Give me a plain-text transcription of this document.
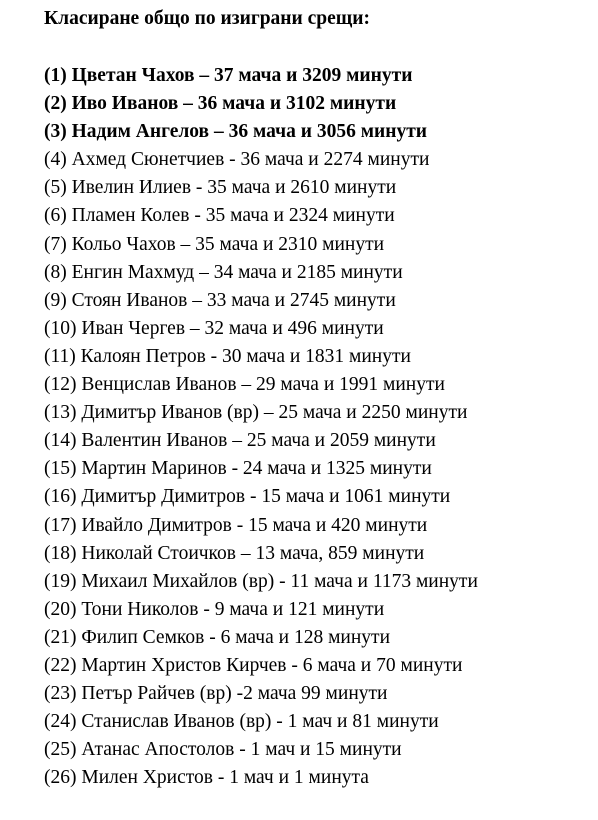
Класиране общо по изиграни срещи:
(1) Цветан Чахов – 37 мача и 3209 минути
(2) Иво Иванов – 36 мача и 3102 минути
(3) Надим Ангелов – 36 мача и 3056 минути
(4) Ахмед Сюнетчиев - 36 мача и 2274 минути
(5) Ивелин Илиев - 35 мача и 2610 минути
(6) Пламен Колев - 35 мача и 2324 минути
(7) Кольо Чахов – 35 мача и 2310 минути
(8) Енгин Махмуд – 34 мача и 2185 минути
(9) Стоян Иванов – 33 мача и 2745 минути
(10) Иван Чергев – 32 мача и 496 минути
(11) Калоян Петров - 30 мача и 1831 минути
(12) Венцислав Иванов – 29 мача и 1991 минути
(13) Димитър Иванов (вр) – 25 мача и 2250 минути
(14) Валентин Иванов – 25 мача и 2059 минути
(15) Мартин Маринов - 24 мача и 1325 минути
(16) Димитър Димитров - 15 мача и 1061 минути
(17) Ивайло Димитров - 15 мача и 420 минути
(18) Николай Стоичков – 13 мача, 859 минути
(19) Михаил Михайлов (вр) - 11 мача и 1173 минути
(20) Тони Николов - 9 мача и 121 минути
(21) Филип Семков - 6 мача и 128 минути
(22) Мартин Христов Кирчев - 6 мача и 70 минути
(23) Петър Райчев (вр) -2 мача 99 минути
(24) Станислав Иванов (вр) - 1 мач и 81 минути
(25) Атанас Апостолов - 1 мач и 15 минути
(26) Милен Христов - 1 мач и 1 минута
